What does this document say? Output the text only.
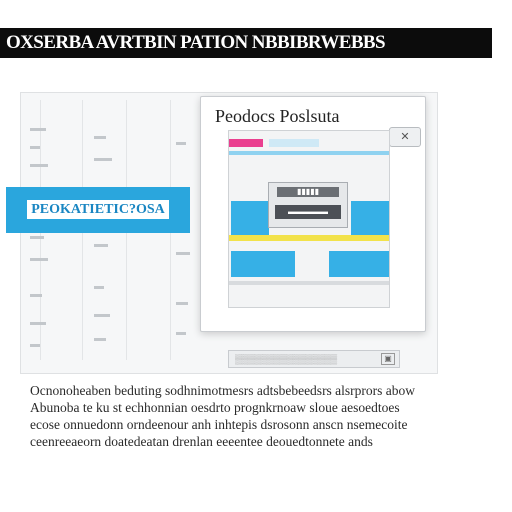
OXSERBA AVRTBIN PATION NBBIBRWEBBS
Peodocs Poslsuta
✕
▮▮▮▮▮
▬▬▬▬▬
PEOKATIETIC?OSA
▒▒▒▒▒▒▒▒▒▒▒▒▒▒▒▒	▣
Ocnonoheaben beduting sodhnimotmesrs adtsbebeedsrs alsrprors abow
Abunoba te ku st echhonnian oesdrto prognkrnoaw sloue aesoedtoes
ecose onnuedonn orndeenour anh inhtepis dsrosonn anscn nsemecoite
ceenreeaeorn doatedeatan drenlan eeeentee deouedtonnete ands
